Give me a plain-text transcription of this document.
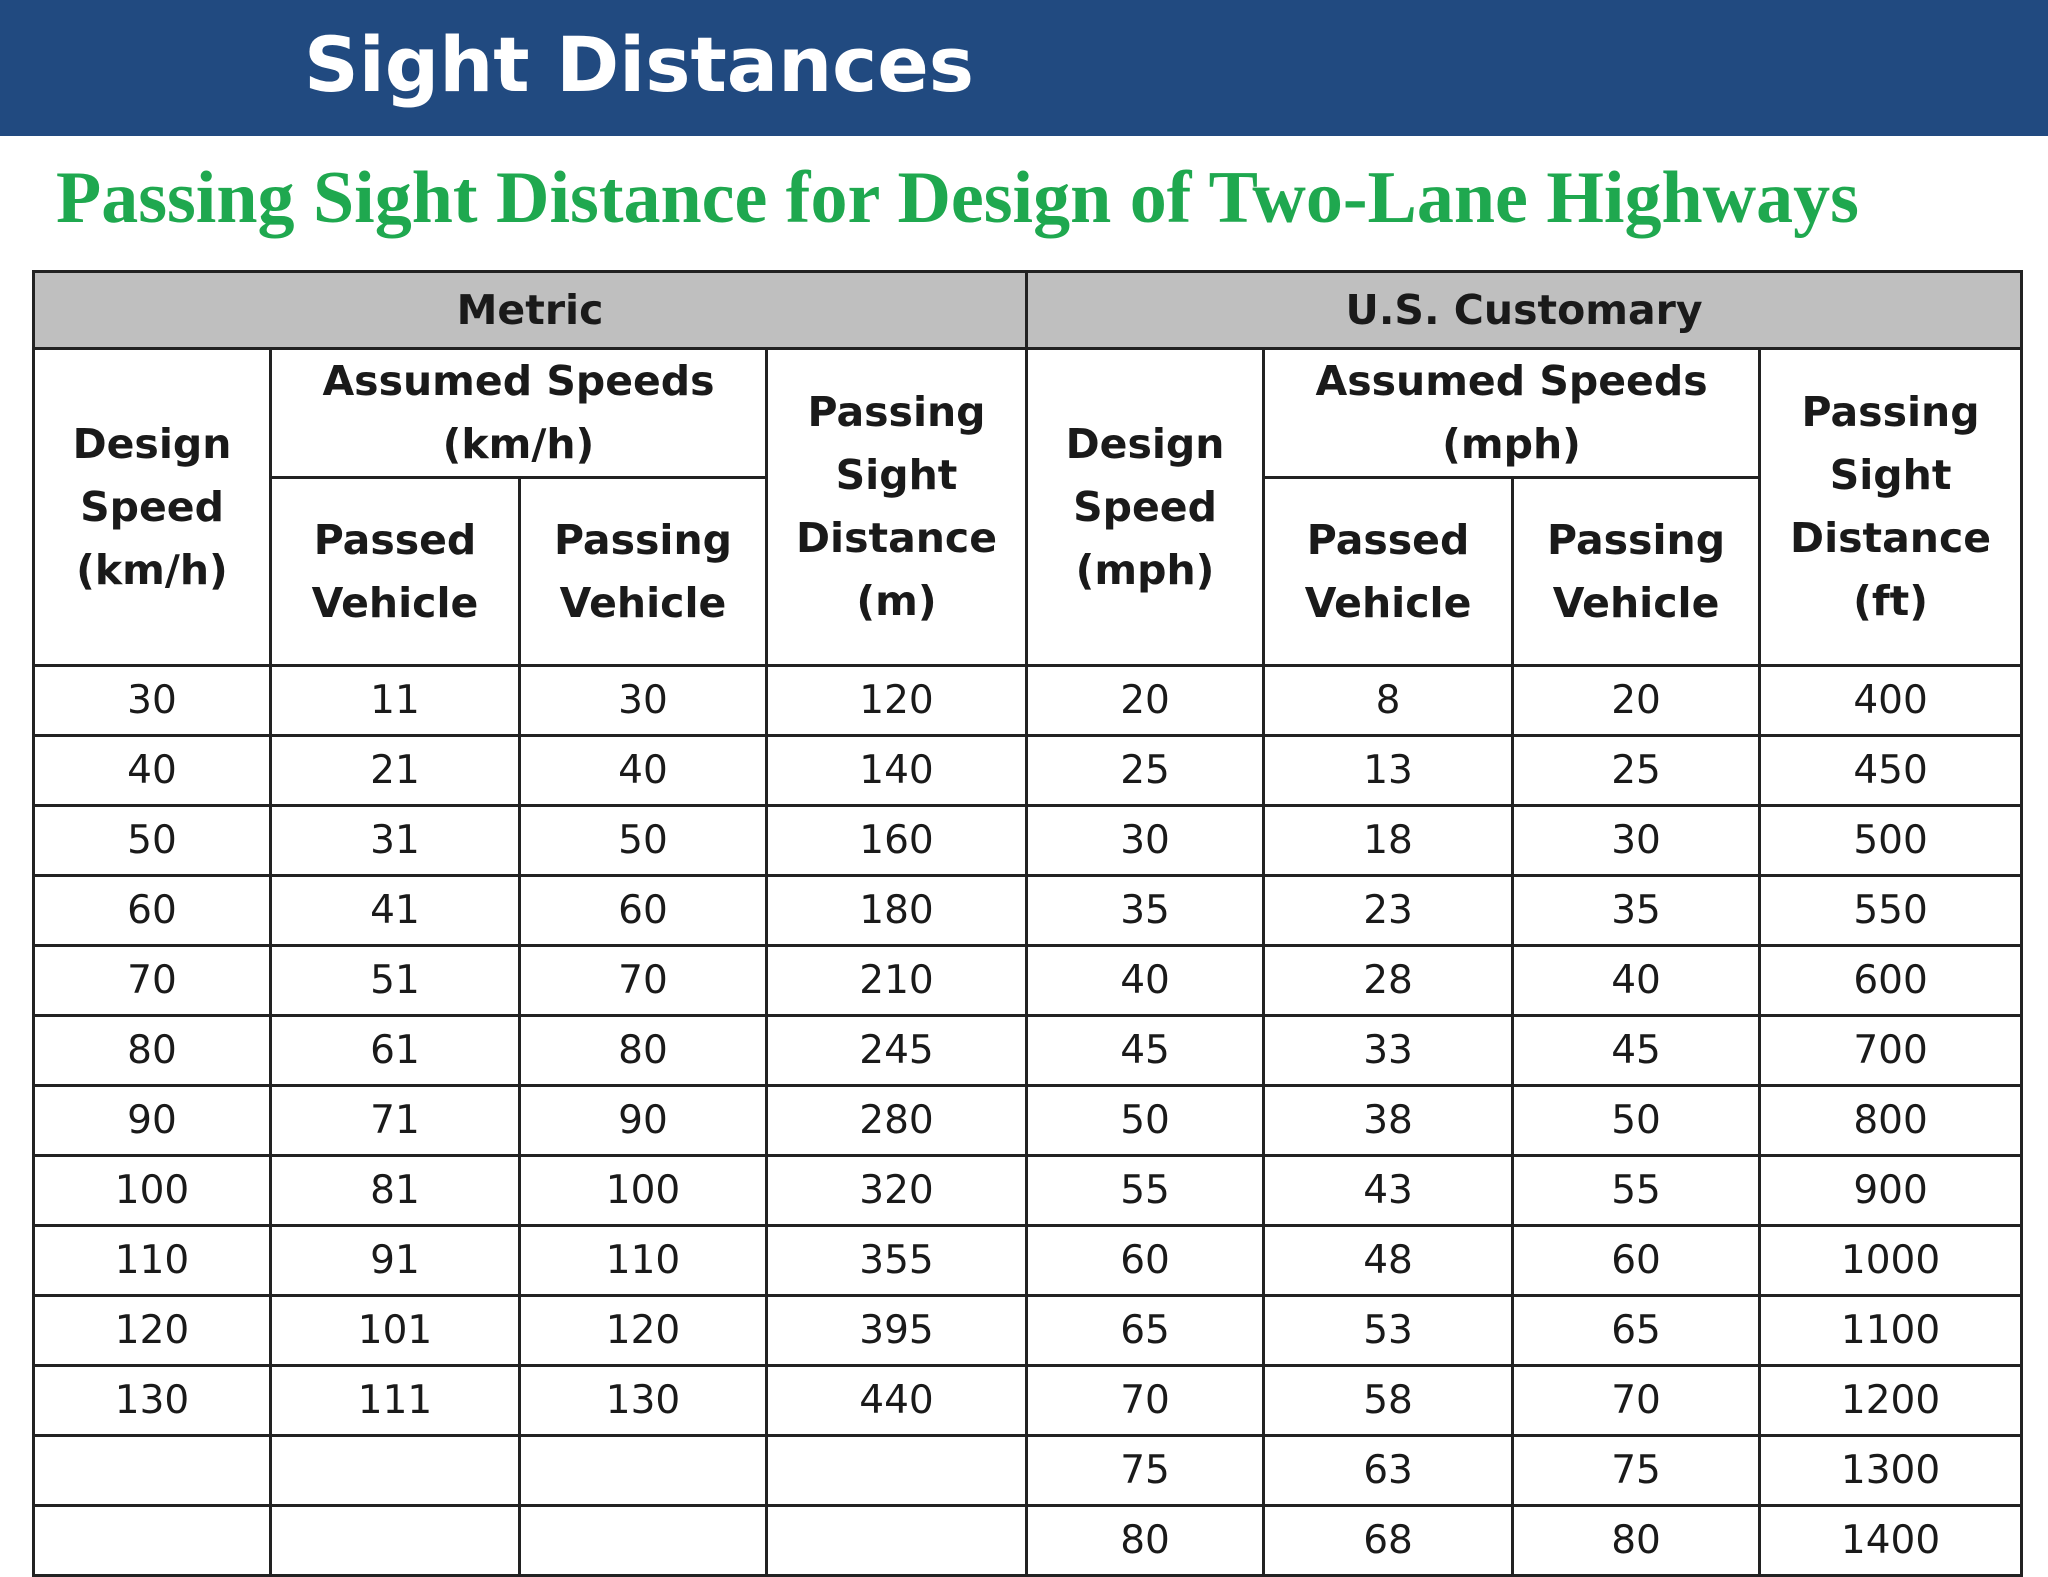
Sight Distances
Passing Sight Distance for Design of Two-Lane Highways
Metric				U.S. Customary			
Design Speed (km/h)	Assumed Speeds (km/h)		Passing Sight Distance (m)	Design Speed (mph)	Assumed Speeds (mph)		Passing Sight Distance (ft)
	Passed Vehicle	Passing Vehicle			Passed Vehicle	Passing Vehicle	
30	11	30	120	20	8	20	400
40	21	40	140	25	13	25	450
50	31	50	160	30	18	30	500
60	41	60	180	35	23	35	550
70	51	70	210	40	28	40	600
80	61	80	245	45	33	45	700
90	71	90	280	50	38	50	800
100	81	100	320	55	43	55	900
110	91	110	355	60	48	60	1000
120	101	120	395	65	53	65	1100
130	111	130	440	70	58	70	1200
				75	63	75	1300
				80	68	80	1400
